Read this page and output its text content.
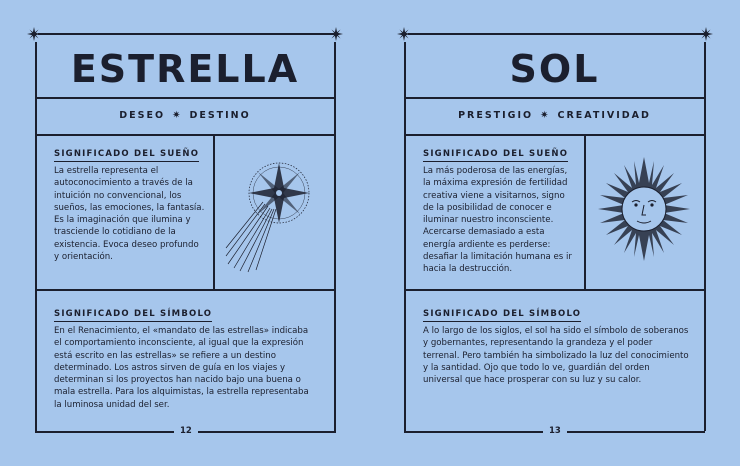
ESTRELLA
DESEO ✷ DESTINO
SIGNIFICADO DEL SUEÑO
La estrella representa el autoconocimiento a través de la intuición no convencional, los sueños, las emociones, la fantasía. Es la imaginación que ilumina y trasciende lo cotidiano de la existencia. Evoca deseo profundo y orientación.
SIGNIFICADO DEL SÍMBOLO
En el Renacimiento, el «mandato de las estrellas» indicaba el comportamiento inconsciente, al igual que la expresión está escrito en las estrellas» se refiere a un destino determinado. Los astros sirven de guía en los viajes y determinan si los proyectos han nacido bajo una buena o mala estrella. Para los alquimistas, la estrella representaba la luminosa unidad del ser.
12
SOL
PRESTIGIO ✷ CREATIVIDAD
SIGNIFICADO DEL SUEÑO
La más poderosa de las energías, la máxima expresión de fertilidad creativa viene a visitarnos, signo de la posibilidad de conocer e iluminar nuestro inconsciente. Acercarse demasiado a esta energía ardiente es perderse: desafiar la limitación humana es ir hacia la destrucción.
SIGNIFICADO DEL SÍMBOLO
A lo largo de los siglos, el sol ha sido el símbolo de soberanos y gobernantes, representando la grandeza y el poder terrenal. Pero también ha simbolizado la luz del conocimiento y la santidad. Ojo que todo lo ve, guardián del orden universal que hace prosperar con su luz y su calor.
13
